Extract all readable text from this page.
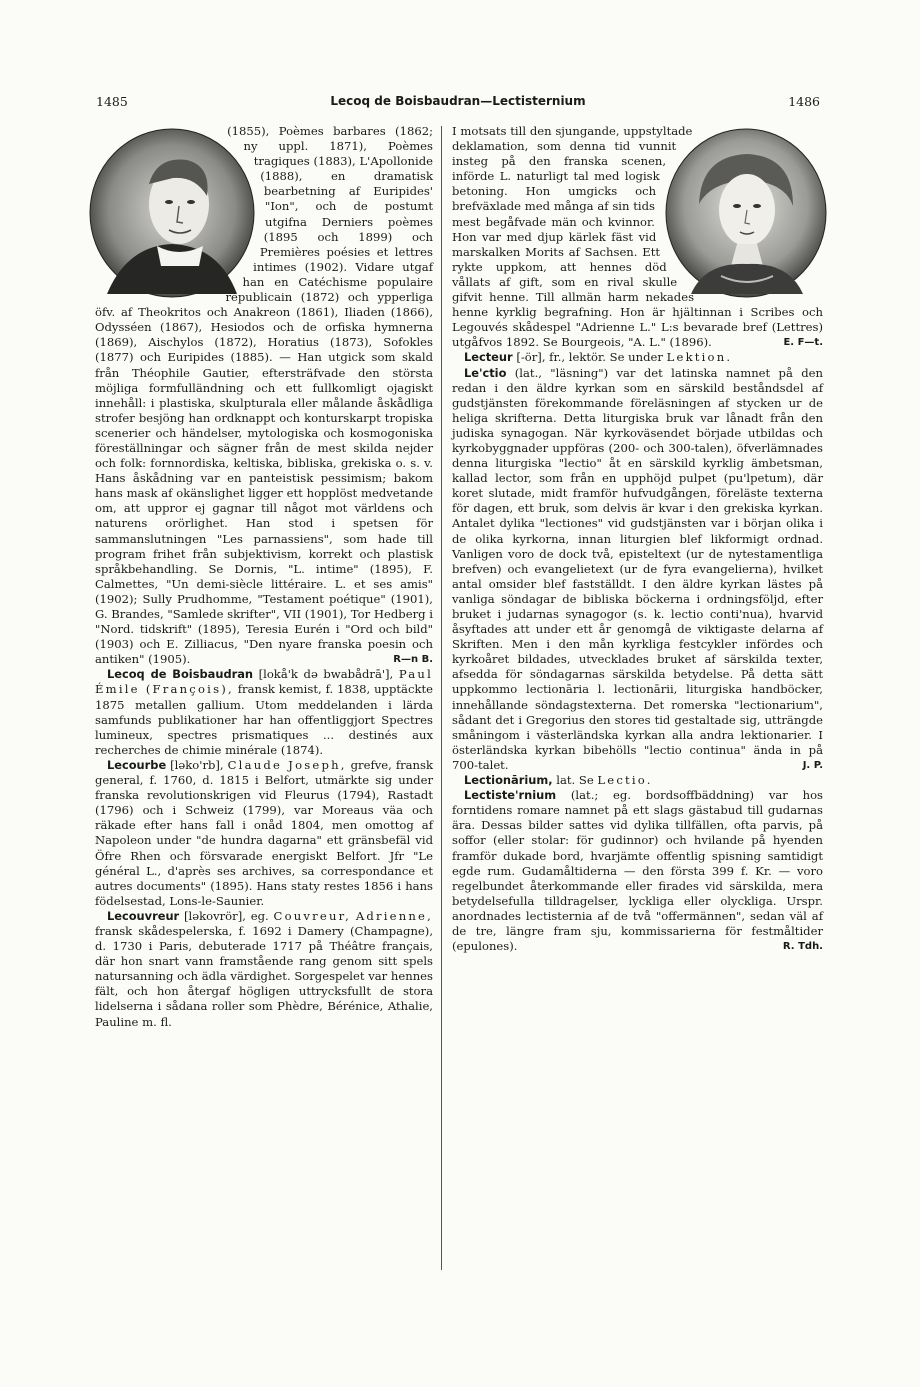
1485	Lecoq de Boisbaudran—Lectisternium	1486

(1855), Poèmes barbares (1862; ny uppl. 1871), Poèmes tragiques (1883), L'Apollonide (1888), en dramatisk bearbetning af Euripides' "Ion", och de postumt utgifna Derniers poèmes (1895 och 1899) och Premières poésies et lettres intimes (1902). Vidare utgaf han en Catéchisme populaire républicain (1872) och ypperliga öfv. af Theokritos och Anakreon (1861), Iliaden (1866), Odysséen (1867), Hesiodos och de orfiska hymnerna (1869), Aischylos (1872), Horatius (1873), Sofokles (1877) och Euripides (1885). — Han utgick som skald från Théophile Gautier, eftersträfvade den största möjliga formfulländning och ett fullkomligt ojagiskt innehåll: i plastiska, skulpturala eller målande åskådliga strofer besjöng han ordknappt och konturskarpt tropiska scenerier och händelser, mytologiska och kosmogoniska föreställningar och sägner från de mest skilda nejder och folk: fornnordiska, keltiska, bibliska, grekiska o. s. v. Hans åskådning var en panteistisk pessimism; bakom hans mask af okänslighet ligger ett hopplöst medvetande om, att uppror ej gagnar till något mot världens och naturens orörlighet. Han stod i spetsen för sammanslutningen "Les parnassiens", som hade till program frihet från subjektivism, korrekt och plastisk språkbehandling. Se Dornis, "L. intime" (1895), F. Calmettes, "Un demi-siècle littéraire. L. et ses amis" (1902); Sully Prudhomme, "Testament poétique" (1901), G. Brandes, "Samlede skrifter", VII (1901), Tor Hedberg i "Nord. tidskrift" (1895), Teresia Eurén i "Ord och bild" (1903) och E. Zilliacus, "Den nyare franska poesin och antiken" (1905).	R—n B.

Lecoq de Boisbaudran [lokå'k də bwabådrā'], Paul Émile (François), fransk kemist, f. 1838, upptäckte 1875 metallen gallium. Utom meddelanden i lärda samfunds publikationer har han offentliggjort Spectres lumineux, spectres prismatiques ... destinés aux recherches de chimie minérale (1874).

Lecourbe [ləko'rb], Claude Joseph, grefve, fransk general, f. 1760, d. 1815 i Belfort, utmärkte sig under franska revolutionskrigen vid Fleurus (1794), Rastadt (1796) och i Schweiz (1799), var Moreaus väa och räkade efter hans fall i onåd 1804, men omottog af Napoleon under "de hundra dagarna" ett gränsbefäl vid Öfre Rhen och försvarade energiskt Belfort. Jfr "Le général L., d'après ses archives, sa correspondance et autres documents" (1895). Hans staty restes 1856 i hans födelsestad, Lons-le-Saunier.

Lecouvreur [ləkovrör], eg. Couvreur, Adrienne, fransk skådespelerska, f. 1692 i Damery (Champagne), d. 1730 i Paris, debuterade 1717 på Théâtre français, där hon snart vann framstående rang genom sitt spels natursanning och ädla värdighet. Sorgespelet var hennes fält, och hon återgaf högligen uttrycksfullt de stora lidelserna i sådana roller som Phèdre, Bérénice, Athalie, Pauline m. fl.

I motsats till den sjungande, uppstyltade deklamation, som denna tid vunnit insteg på den franska scenen, införde L. naturligt tal med logisk betoning. Hon umgicks och brefväxlade med många af sin tids mest begåfvade män och kvinnor. Hon var med djup kärlek fäst vid marskalken Morits af Sachsen. Ett rykte uppkom, att hennes död vållats af gift, som en rival skulle gifvit henne. Till allmän harm nekades henne kyrklig begrafning. Hon är hjältinnan i Scribes och Legouvés skådespel "Adrienne L." L:s bevarade bref (Lettres) utgåfvos 1892. Se Bourgeois, "A. L." (1896).	E. F—t.

Lecteur [-ör], fr., lektör. Se under Lektion.

Le'ctio (lat., "läsning") var det latinska namnet på den redan i den äldre kyrkan som en särskild beståndsdel af gudstjänsten förekommande föreläsningen af stycken ur de heliga skrifterna. Detta liturgiska bruk var lånadt från den judiska synagogan. När kyrkoväsendet började utbildas och kyrkobyggnader uppföras (200- och 300-talen), öfverlämnades denna liturgiska "lectio" åt en särskild kyrklig ämbetsman, kallad lector, som från en upphöjd pulpet (pu'lpetum), där koret slutade, midt framför hufvudgången, föreläste texterna för dagen, ett bruk, som delvis är kvar i den grekiska kyrkan. Antalet dylika "lectiones" vid gudstjänsten var i början olika i de olika kyrkorna, innan liturgien blef likformigt ordnad. Vanligen voro de dock två, episteltext (ur de nytestamentliga brefven) och evangelietext (ur de fyra evangelierna), hvilket antal omsider blef fastställdt. I den äldre kyrkan lästes på vanliga söndagar de bibliska böckerna i ordningsföljd, efter bruket i judarnas synagogor (s. k. lectio conti'nua), hvarvid åsyftades att under ett år genomgå de viktigaste delarna af Skriften. Men i den mån kyrkliga festcykler infördes och kyrkoåret bildades, utvecklades bruket af särskilda texter, afsedda för söndagarnas särskilda betydelse. På detta sätt uppkommo lectionāria l. lectionārii, liturgiska handböcker, innehållande söndagstexterna. Det romerska "lectionarium", sådant det i Gregorius den stores tid gestaltade sig, utträngde småningom i västerländska kyrkan alla andra lektionarier. I österländska kyrkan bibehölls "lectio continua" ända in på 700-talet.	J. P.

Lectionārium, lat. Se Lectio.

Lectiste'rnium (lat.; eg. bordsoffbäddning) var hos forntidens romare namnet på ett slags gästabud till gudarnas ära. Dessas bilder sattes vid dylika tillfällen, ofta parvis, på soffor (eller stolar: för gudinnor) och hvilande på hyenden framför dukade bord, hvarjämte offentlig spisning samtidigt egde rum. Gudamåltiderna — den första 399 f. Kr. — voro regelbundet återkommande eller firades vid särskilda, mera betydelsefulla tilldragelser, lyckliga eller olyckliga. Urspr. anordnades lectisternia af de två "offermännen", sedan väl af de tre, längre fram sju, kommissarierna för festmåltider (epulones).	R. Tdh.
